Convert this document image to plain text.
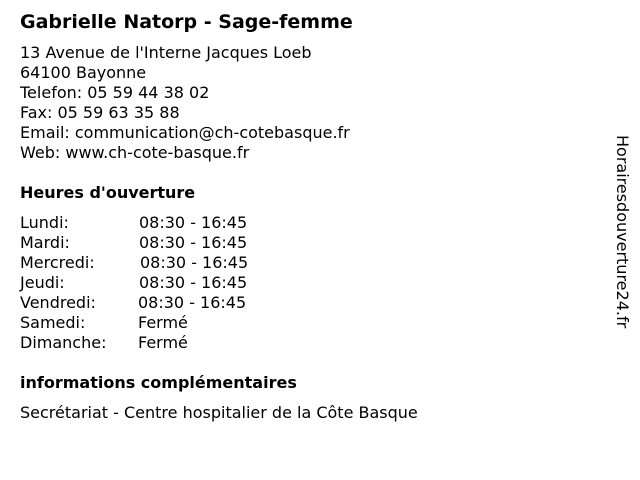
Gabrielle Natorp - Sage-femme
13 Avenue de l'Interne Jacques Loeb
64100 Bayonne
Telefon: 05 59 44 38 02
Fax: 05 59 63 35 88
Email: communication@ch-cotebasque.fr
Web: www.ch-cote-basque.fr
Heures d'ouverture
Lundi:	08:30 - 16:45
Mardi:	08:30 - 16:45
Mercredi:	08:30 - 16:45
Jeudi:	08:30 - 16:45
Vendredi:	08:30 - 16:45
Samedi:	Fermé
Dimanche: Fermé
informations complémentaires
Secrétariat - Centre hospitalier de la Côte Basque
Horairesdouverture24.fr
